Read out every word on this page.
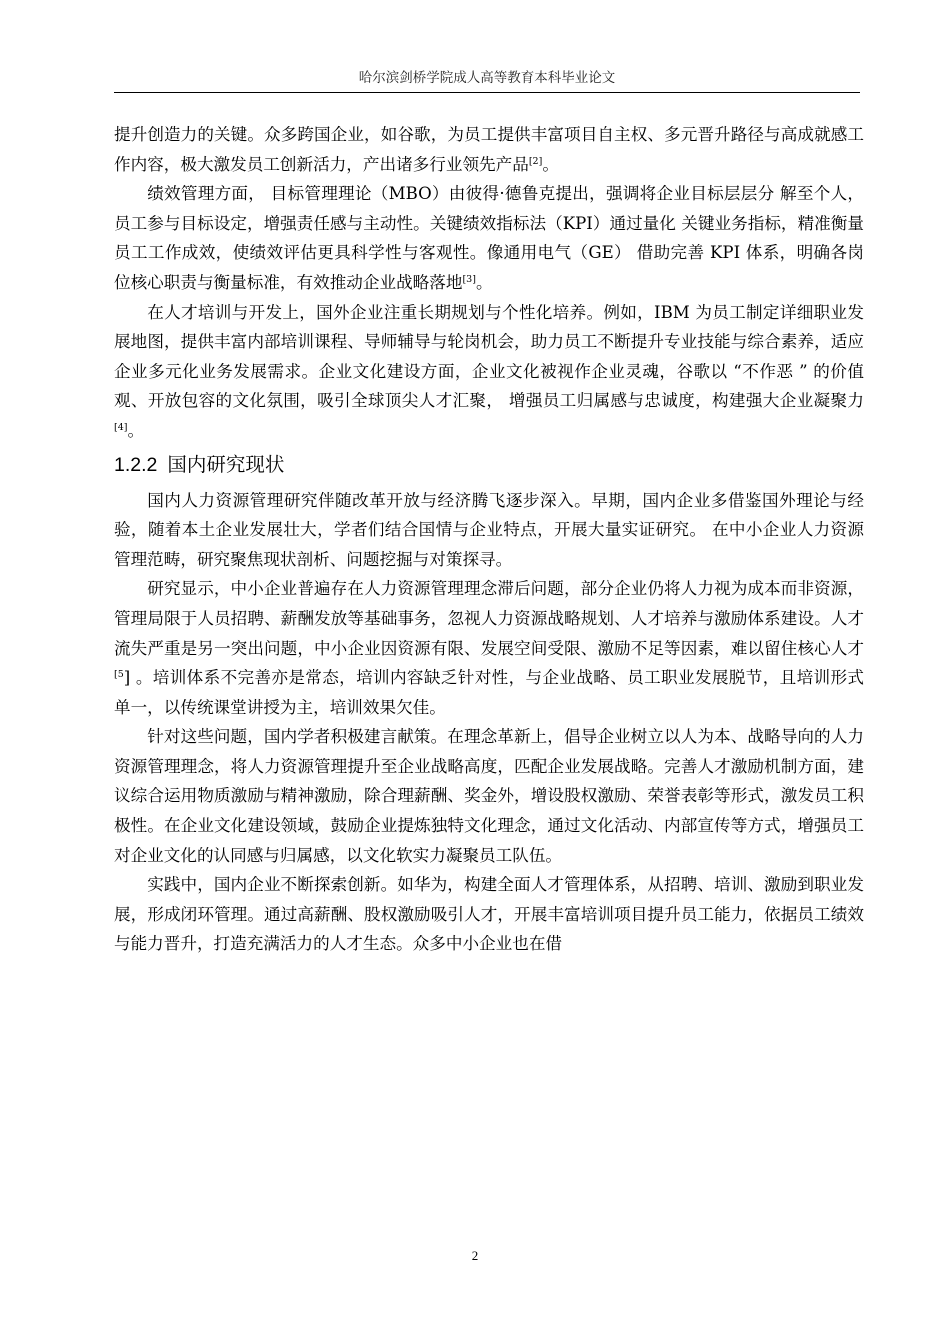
哈尔滨剑桥学院成人高等教育本科毕业论文

提升创造力的关键。众多跨国企业，如谷歌，为员工提供丰富项目自主权、多元晋升路径与高成就感工作内容，极大激发员工创新活力，产出诸多行业领先产品[2]。

绩效管理方面， 目标管理理论（MBO）由彼得·德鲁克提出，强调将企业目标层层分 解至个人，员工参与目标设定，增强责任感与主动性。关键绩效指标法（KPI）通过量化 关键业务指标，精准衡量员工工作成效，使绩效评估更具科学性与客观性。像通用电气（GE） 借助完善 KPI 体系，明确各岗位核心职责与衡量标准，有效推动企业战略落地[3]。

在人才培训与开发上，国外企业注重长期规划与个性化培养。例如，IBM 为员工制定详细职业发展地图，提供丰富内部培训课程、导师辅导与轮岗机会，助力员工不断提升专业技能与综合素养，适应企业多元化业务发展需求。企业文化建设方面，企业文化被视作企业灵魂，谷歌以 “不作恶 ” 的价值观、开放包容的文化氛围，吸引全球顶尖人才汇聚， 增强员工归属感与忠诚度，构建强大企业凝聚力[4]。

1.2.2 国内研究现状

国内人力资源管理研究伴随改革开放与经济腾飞逐步深入。早期，国内企业多借鉴国外理论与经验，随着本土企业发展壮大，学者们结合国情与企业特点，开展大量实证研究。 在中小企业人力资源管理范畴，研究聚焦现状剖析、问题挖掘与对策探寻。

研究显示，中小企业普遍存在人力资源管理理念滞后问题，部分企业仍将人力视为成本而非资源，管理局限于人员招聘、薪酬发放等基础事务，忽视人力资源战略规划、人才培养与激励体系建设。人才流失严重是另一突出问题，中小企业因资源有限、发展空间受限、激励不足等因素，难以留住核心人才$^{[5}$] 。培训体系不完善亦是常态，培训内容缺乏针对性，与企业战略、员工职业发展脱节，且培训形式单一，以传统课堂讲授为主，培训效果欠佳。

针对这些问题，国内学者积极建言献策。在理念革新上，倡导企业树立以人为本、战略导向的人力资源管理理念，将人力资源管理提升至企业战略高度，匹配企业发展战略。完善人才激励机制方面，建议综合运用物质激励与精神激励，除合理薪酬、奖金外，增设股权激励、荣誉表彰等形式，激发员工积极性。在企业文化建设领域，鼓励企业提炼独特文化理念，通过文化活动、内部宣传等方式，增强员工对企业文化的认同感与归属感，以文化软实力凝聚员工队伍。

实践中，国内企业不断探索创新。如华为，构建全面人才管理体系，从招聘、培训、激励到职业发展，形成闭环管理。通过高薪酬、股权激励吸引人才，开展丰富培训项目提升员工能力，依据员工绩效与能力晋升，打造充满活力的人才生态。众多中小企业也在借

2
